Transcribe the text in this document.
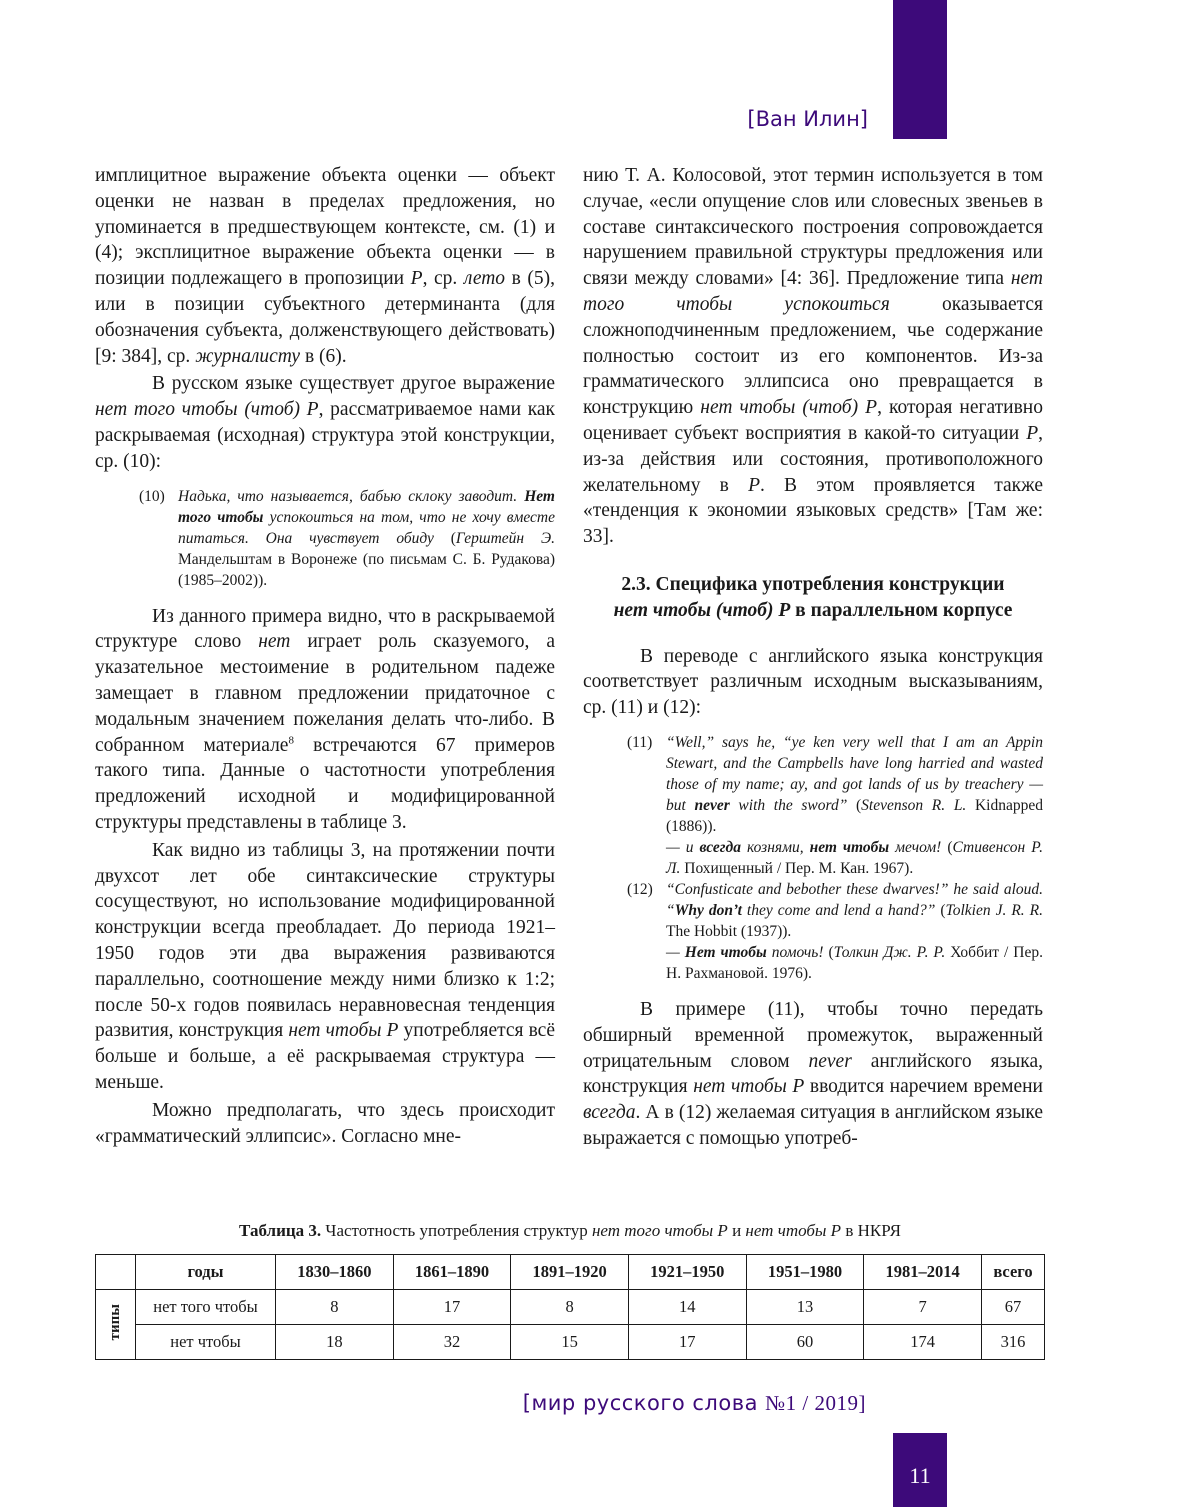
[Ван Илин]

имплицитное выражение объекта оценки — объект оценки не назван в пределах предложения, но упоминается в предшествующем контексте, см. (1) и (4); эксплицитное выражение объекта оценки — в позиции подлежащего в пропозиции P, ср. лето в (5), или в позиции субъектного детерминанта (для обозначения субъекта, долженствующего действовать) [9: 384], ср. журналисту в (6).

В русском языке существует другое выражение нет того чтобы (чтоб) P, рассматриваемое нами как раскрываемая (исходная) структура этой конструкции, ср. (10):

(10) Надька, что называется, бабью склоку заводит. Нет того чтобы успокоиться на том, что не хочу вместе питаться. Она чувствует обиду (Герштейн Э. Мандельштам в Воронеже (по письмам С. Б. Рудакова) (1985–2002)).

Из данного примера видно, что в раскрываемой структуре слово нет играет роль сказуемого, а указательное местоимение в родительном падеже замещает в главном предложении придаточное с модальным значением пожелания делать что-либо. В собранном материале$^8$ встречаются 67 примеров такого типа. Данные о частотности употребления предложений исходной и модифицированной структуры представлены в таблице 3.

Как видно из таблицы 3, на протяжении почти двухсот лет обе синтаксические структуры сосуществуют, но использование модифицированной конструкции всегда преобладает. До периода 1921–1950 годов эти два выражения развиваются параллельно, соотношение между ними близко к 1:2; после 50-х годов появилась неравновесная тенденция развития, конструкция нет чтобы P употребляется всё больше и больше, а её раскрываемая структура — меньше.

Можно предполагать, что здесь происходит «грамматический эллипсис». Согласно мне-

нию Т. А. Колосовой, этот термин используется в том случае, «если опущение слов или словесных звеньев в составе синтаксического построения сопровождается нарушением правильной структуры предложения или связи между словами» [4: 36]. Предложение типа нет того чтобы успокоиться оказывается сложноподчиненным предложением, чье содержание полностью состоит из его компонентов. Из-за грамматического эллипсиса оно превращается в конструкцию нет чтобы (чтоб) P, которая негативно оценивает субъект восприятия в какой-то ситуации P, из-за действия или состояния, противоположного желательному в P. В этом проявляется также «тенденция к экономии языковых средств» [Там же: 33].

2.3. Специфика употребления конструкции
нет чтобы (чтоб) P в параллельном корпусе

В переводе с английского языка конструкция соответствует различным исходным высказываниям, ср. (11) и (12):

(11) “Well,” says he, “ye ken very well that I am an Appin Stewart, and the Campbells have long harried and wasted those of my name; ay, and got lands of us by treachery — but never with the sword” (Stevenson R. L. Kidnapped (1886)).
— и всегда кознями, нет чтобы мечом! (Стивенсон Р. Л. Похищенный / Пер. М. Кан. 1967).
(12) “Confusticate and bebother these dwarves!” he said aloud. “Why don’t they come and lend a hand?” (Tolkien J. R. R. The Hobbit (1937)).
— Нет чтобы помочь! (Толкин Дж. Р. Р. Хоббит / Пер. Н. Рахмановой. 1976).

В примере (11), чтобы точно передать обширный временной промежуток, выраженный отрицательным словом never английского языка, конструкция нет чтобы P вводится наречием времени всегда. А в (12) желаемая ситуация в английском языке выражается с помощью употреб-

Таблица 3. Частотность употребления структур нет того чтобы P и нет чтобы P в НКРЯ
	годы	1830–1860	1861–1890	1891–1920	1921–1950	1951–1980	1981–2014	всего
типы	нет того чтобы	8	17	8	14	13	7	67
	нет чтобы	18	32	15	17	60	174	316
[мир русского слова №1 / 2019]
11
